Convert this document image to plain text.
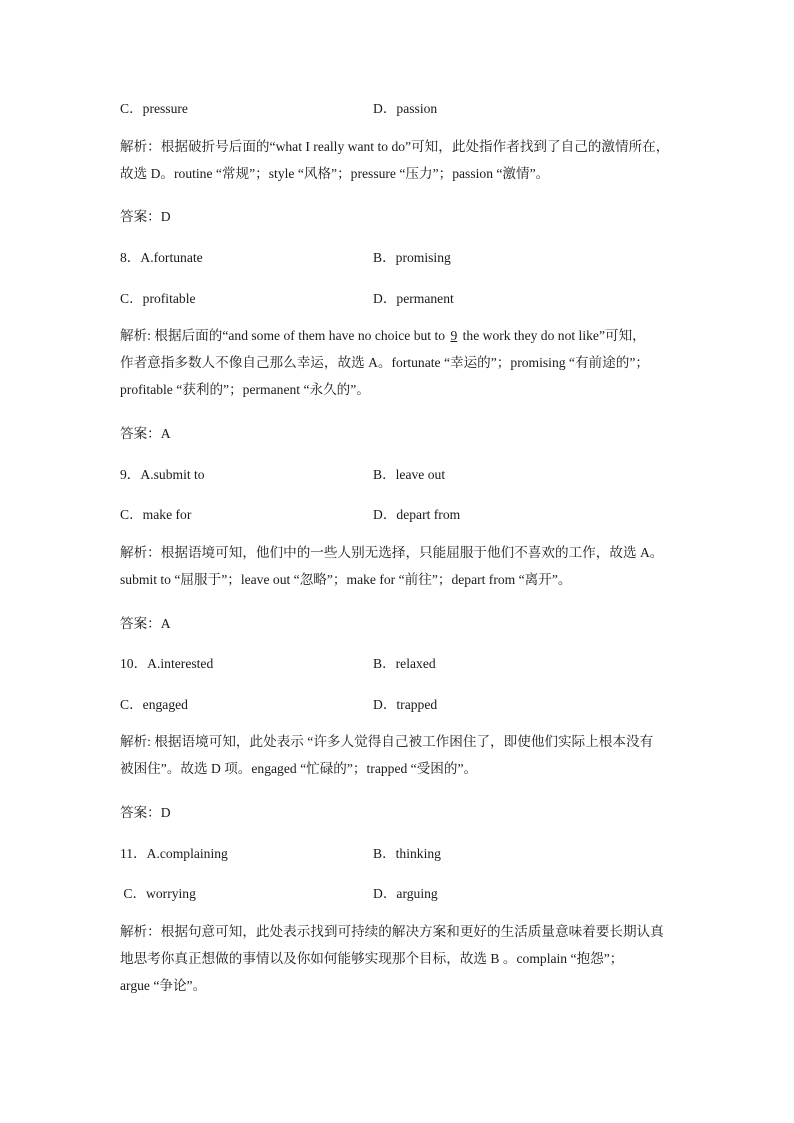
C．pressure	D．passion
解析：根据破折号后面的“what I really want to do”可知，此处指作者找到了自己的激情所在，
故选 D。routine “常规”；style “风格”；pressure “压力”；passion “激情”。
答案：D
8．A.fortunate	B．promising
C．profitable	D．permanent
解析: 根据后面的“and some of them have no choice but to 9 the work they do not like”可知，
作者意指多数人不像自己那么幸运，故选 A。fortunate “幸运的”；promising “有前途的”；
profitable “获利的”；permanent “永久的”。
答案：A
9．A.submit to	B．leave out
C．make for	D．depart from
解析：根据语境可知，他们中的一些人别无选择，只能屈服于他们不喜欢的工作，故选 A。
submit to “屈服于”；leave out “忽略”；make for “前往”；depart from “离开”。
答案：A
10．A.interested	B．relaxed
C．engaged	D．trapped
解析: 根据语境可知，此处表示 “许多人觉得自己被工作困住了，即使他们实际上根本没有
被困住”。故选 D 项。engaged “忙碌的”；trapped “受困的”。
答案：D
11．A.complaining	B．thinking
C．worrying	D．arguing
解析：根据句意可知，此处表示找到可持续的解决方案和更好的生活质量意味着要长期认真
地思考你真正想做的事情以及你如何能够实现那个目标，故选 B 。complain “抱怨”；
argue “争论”。
